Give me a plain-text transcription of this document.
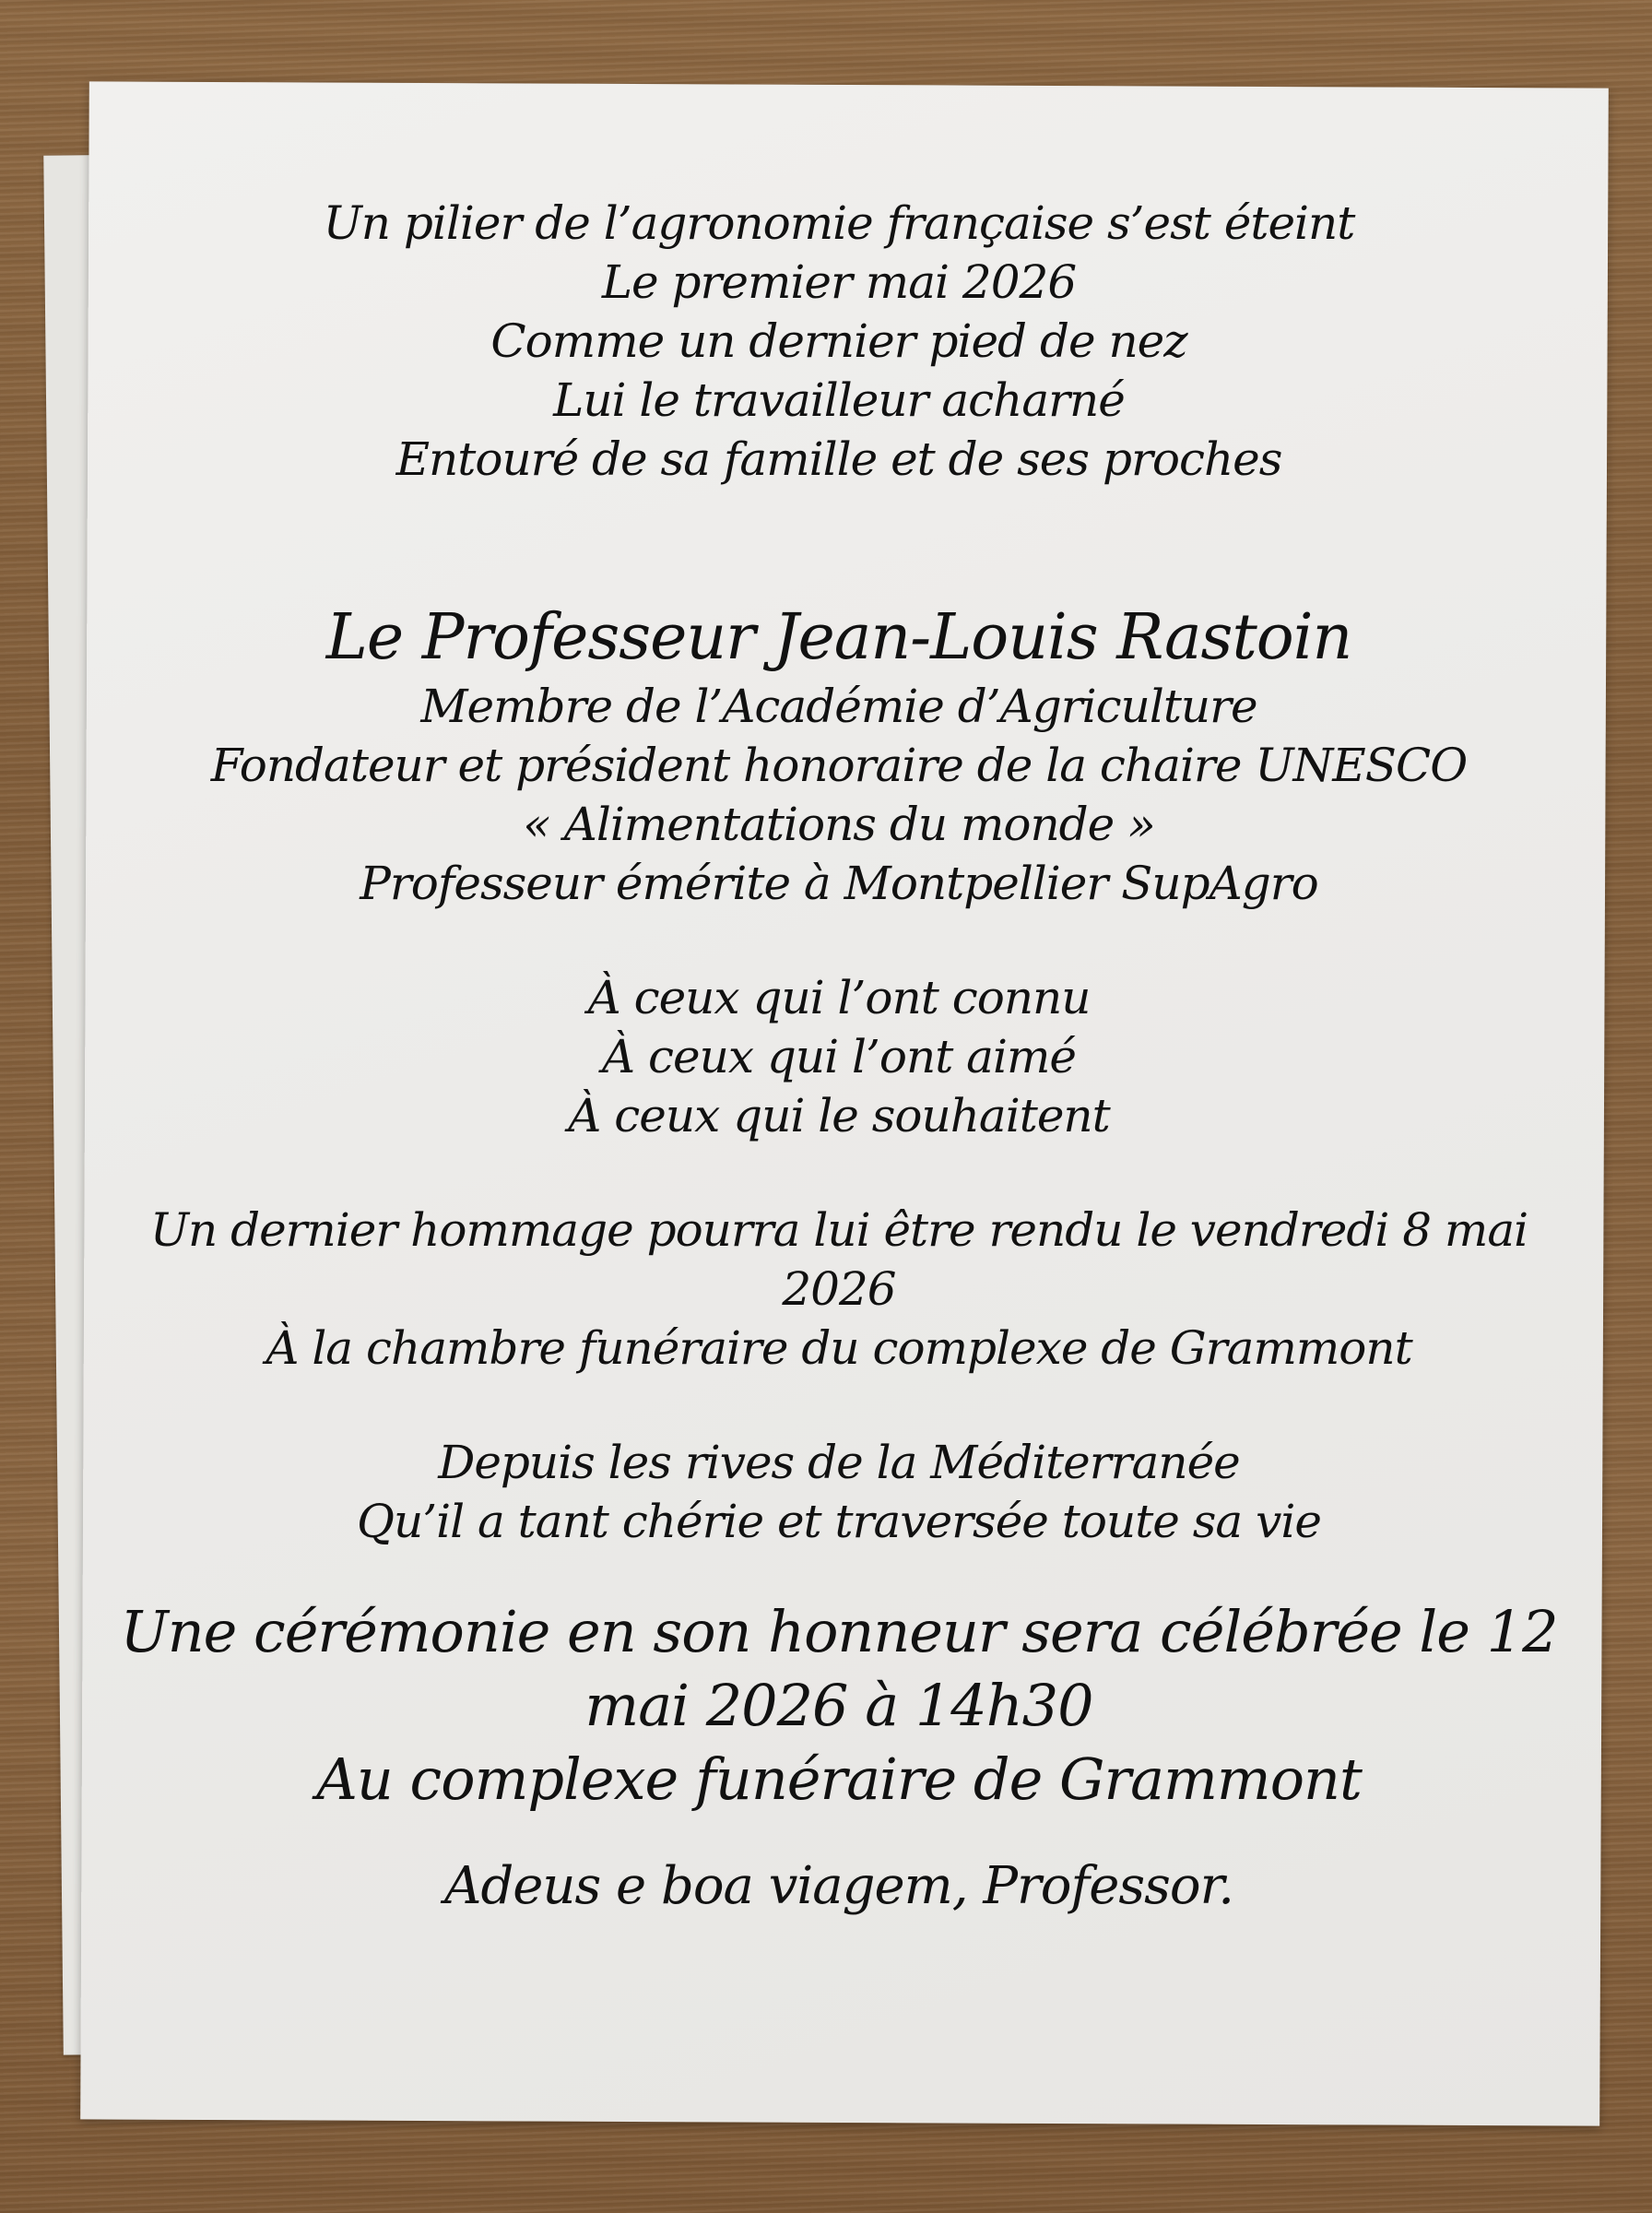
Un pilier de l’agronomie française s’est éteint
Le premier mai 2026
Comme un dernier pied de nez
Lui le travailleur acharné
Entouré de sa famille et de ses proches
Le Professeur Jean-Louis Rastoin
Membre de l’Académie d’Agriculture
Fondateur et président honoraire de la chaire UNESCO
« Alimentations du monde »
Professeur émérite à Montpellier SupAgro
À ceux qui l’ont connu
À ceux qui l’ont aimé
À ceux qui le souhaitent
Un dernier hommage pourra lui être rendu le vendredi 8 mai
2026
À la chambre funéraire du complexe de Grammont
Depuis les rives de la Méditerranée
Qu’il a tant chérie et traversée toute sa vie
Une cérémonie en son honneur sera célébrée le 12
mai 2026 à 14h30
Au complexe funéraire de Grammont
Adeus e boa viagem, Professor.
